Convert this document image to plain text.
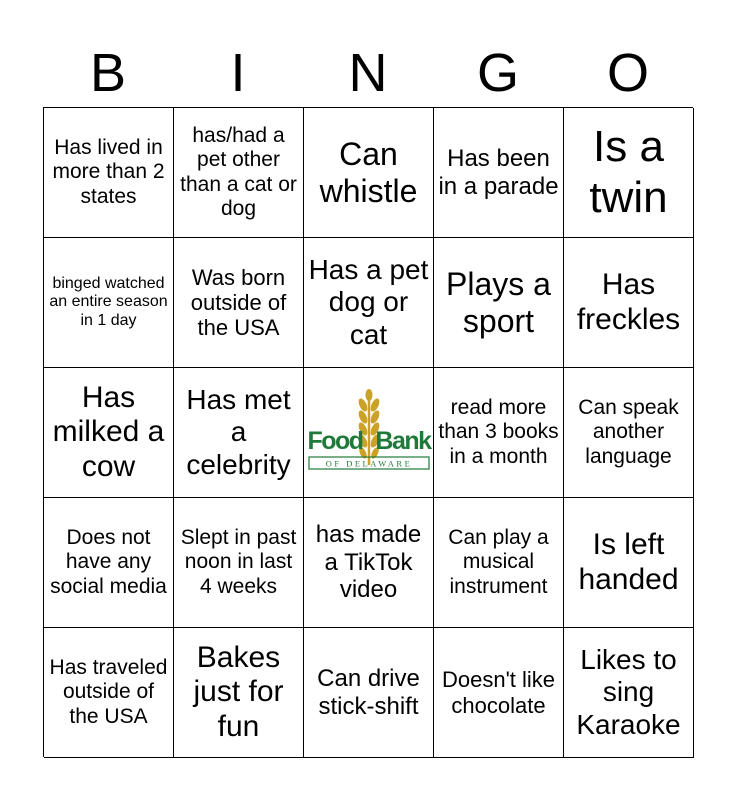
B	I	N	G	O
Has lived in more than 2 states
has/had a pet other than a cat or dog
Can whistle
Has been in a parade
Is a twin
binged watched an entire season in 1 day
Was born outside of the USA
Has a pet dog or cat
Plays a sport
Has freckles
Has milked a cow
Has met a celebrity
Food Bank
OF DELAWARE
read more than 3 books in a month
Can speak another language
Does not have any social media
Slept in past noon in last 4 weeks
has made a TikTok video
Can play a musical instrument
Is left handed
Has traveled outside of the USA
Bakes just for fun
Can drive stick-shift
Doesn't like chocolate
Likes to sing Karaoke
